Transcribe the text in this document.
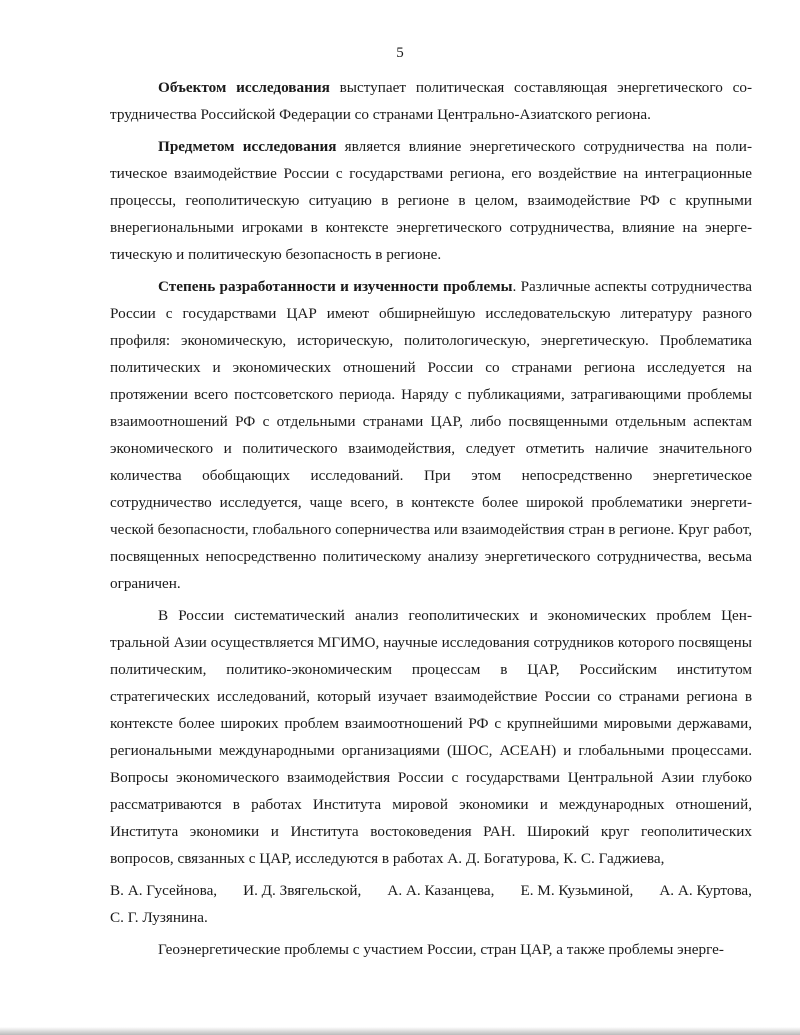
5

Объектом исследования выступает политическая составляющая энергетического сотрудничества Российской Федерации со странами Центрально-Азиатского региона.

Предметом исследования является влияние энергетического сотрудничества на политическое взаимодействие России с государствами региона, его воздействие на интеграционные процессы, геополитическую ситуацию в регионе в целом, взаимодействие РФ с крупными внерегиональными игроками в контексте энергетического сотрудничества, влияние на энергетическую и политическую безопасность в регионе.

Степень разработанности и изученности проблемы. Различные аспекты сотрудничества России с государствами ЦАР имеют обширнейшую исследовательскую литературу разного профиля: экономическую, историческую, политологическую, энергетическую. Проблематика политических и экономических отношений России со странами региона исследуется на протяжении всего постсоветского периода. Наряду с публикациями, затрагивающими проблемы взаимоотношений РФ с отдельными странами ЦАР, либо посвященными отдельным аспектам экономического и политического взаимодействия, следует отметить наличие значительного количества обобщающих исследований. При этом непосредственно энергетическое сотрудничество исследуется, чаще всего, в контексте более широкой проблематики энергетической безопасности, глобального соперничества или взаимодействия стран в регионе. Круг работ, посвященных непосредственно политическому анализу энергетического сотрудничества, весьма ограничен.

В России систематический анализ геополитических и экономических проблем Центральной Азии осуществляется МГИМО, научные исследования сотрудников которого посвящены политическим, политико-экономическим процессам в ЦАР, Российским институтом стратегических исследований, который изучает взаимодействие России со странами региона в контексте более широких проблем взаимоотношений РФ с крупнейшими мировыми державами, региональными международными организациями (ШОС, АСЕАН) и глобальными процессами. Вопросы экономического взаимодействия России с государствами Центральной Азии глубоко рассматриваются в работах Института мировой экономики и международных отношений, Института экономики и Института востоковедения РАН. Широкий круг геополитических вопросов, связанных с ЦАР, исследуются в работах А. Д. Богатурова, К. С. Гаджиева,

В. А. Гусейнова, И. Д. Звягельской, А. А. Казанцева, Е. М. Кузьминой, А. А. Куртова,
С. Г. Лузянина.

Геоэнергетические проблемы с участием России, стран ЦАР, а также проблемы энерге-
